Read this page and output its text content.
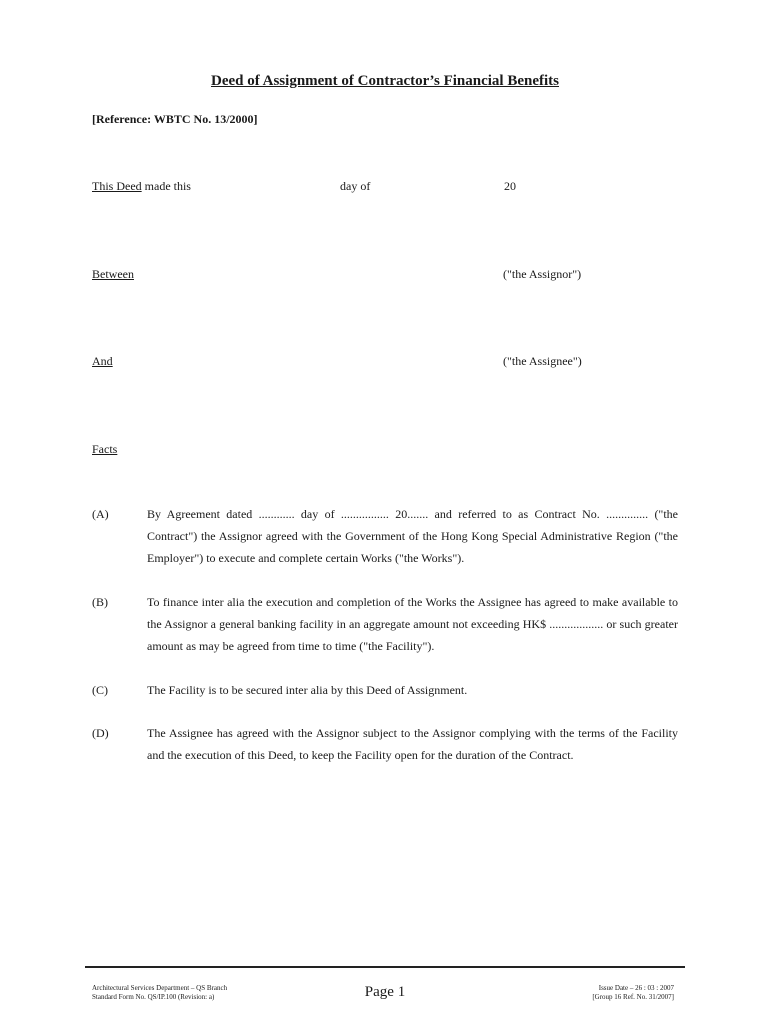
Deed of Assignment of Contractor’s Financial Benefits
[Reference: WBTC No. 13/2000]
This Deed made this	day of	20
Between	("the Assignor")
And	("the Assignee")
Facts
(A)	By Agreement dated ............ day of ................ 20....... and referred to as Contract No. .............. ("the Contract") the Assignor agreed with the Government of the Hong Kong Special Administrative Region ("the Employer") to execute and complete certain Works ("the Works").
(B)	To finance inter alia the execution and completion of the Works the Assignee has agreed to make available to the Assignor a general banking facility in an aggregate amount not exceeding HK$ .................. or such greater amount as may be agreed from time to time ("the Facility").
(C)	The Facility is to be secured inter alia by this Deed of Assignment.
(D)	The Assignee has agreed with the Assignor subject to the Assignor complying with the terms of the Facility and the execution of this Deed, to keep the Facility open for the duration of the Contract.
Architectural Services Department – QS Branch
Standard Form No. QS/IP.100 (Revision: a)	Page 1	Issue Date – 26 : 03 : 2007
[Group 16 Ref. No. 31/2007]
